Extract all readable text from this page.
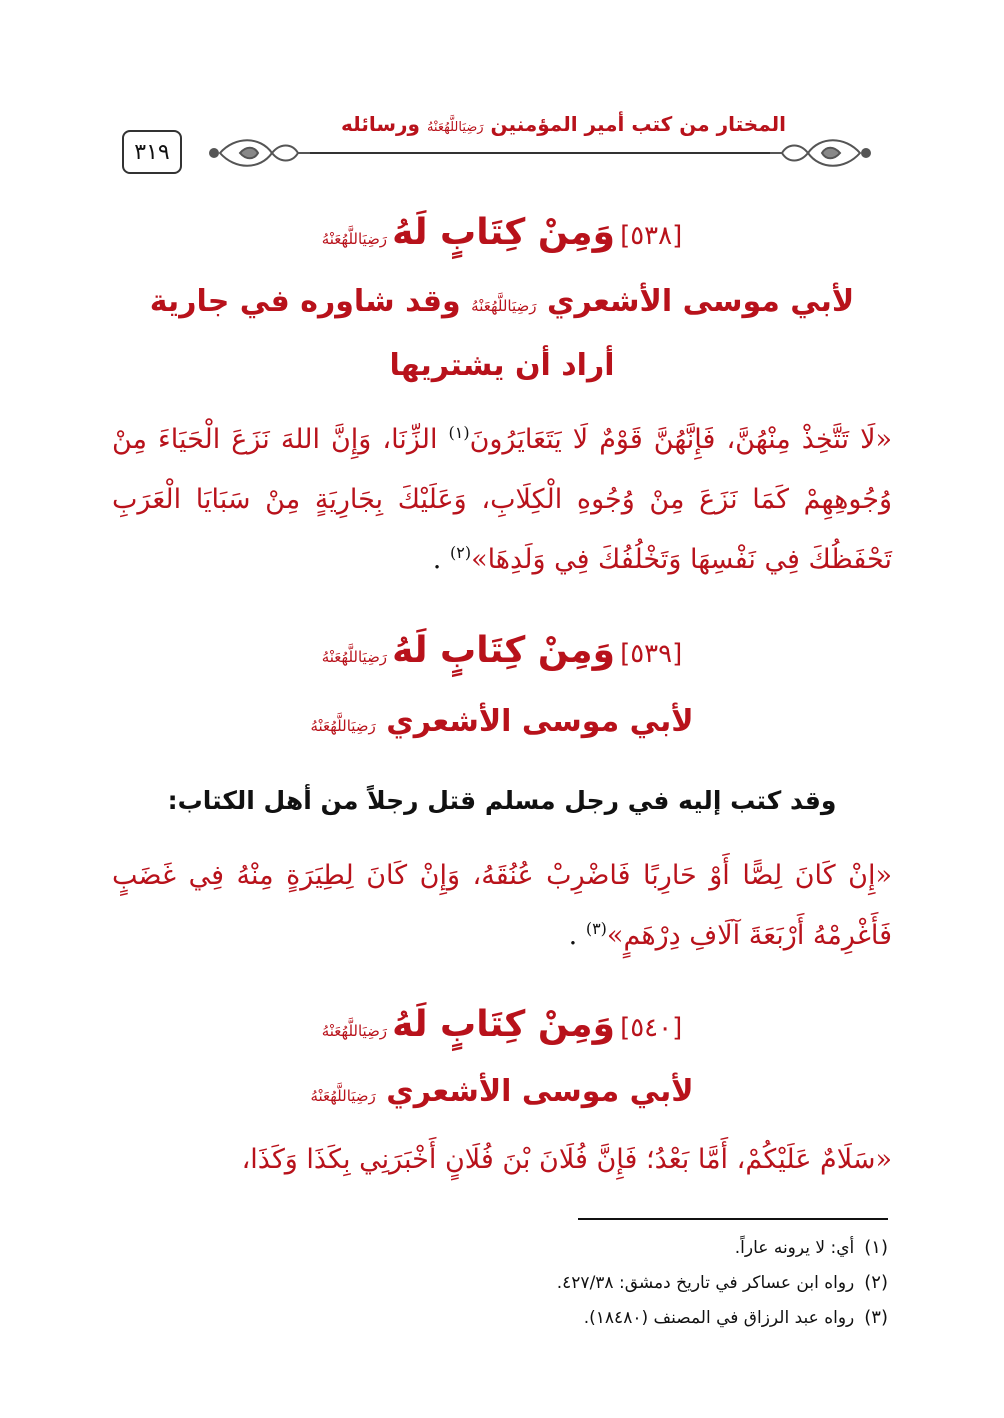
٣١٩
المختار من كتب أمير المؤمنين رَضِيَاللَّهُعَنْهُ ورسائله
[٥٣٨] وَمِنْ كِتَابٍ لَهُ رَضِيَاللَّهُعَنْهُ
لأبي موسى الأشعري رَضِيَاللَّهُعَنْهُ وقد شاوره في جارية
أراد أن يشتريها
«لَا تَتَّخِذْ مِنْهُنَّ، فَإِنَّهُنَّ قَوْمٌ لَا يَتَعَايَرُونَ$^{(١)}$ الزِّنَا، وَإِنَّ اللهَ نَزَعَ الْحَيَاءَ مِنْ وُجُوهِهِمْ كَمَا نَزَعَ مِنْ وُجُوهِ الْكِلَابِ، وَعَلَيْكَ بِجَارِيَةٍ مِنْ سَبَايَا الْعَرَبِ تَحْفَظُكَ فِي نَفْسِهَا وَتَخْلُفُكَ فِي وَلَدِهَا»$^{(٢)}$ .
[٥٣٩] وَمِنْ كِتَابٍ لَهُ رَضِيَاللَّهُعَنْهُ
لأبي موسى الأشعري رَضِيَاللَّهُعَنْهُ
وقد كتب إليه في رجل مسلم قتل رجلاً من أهل الكتاب:
«إِنْ كَانَ لِصًّا أَوْ حَارِبًا فَاضْرِبْ عُنُقَهُ، وَإِنْ كَانَ لِطِيَرَةٍ مِنْهُ فِي غَضَبٍ فَأَغْرِمْهُ أَرْبَعَةَ آلَافِ دِرْهَمٍ»$^{(٣)}$ .
[٥٤٠] وَمِنْ كِتَابٍ لَهُ رَضِيَاللَّهُعَنْهُ
لأبي موسى الأشعري رَضِيَاللَّهُعَنْهُ
«سَلَامٌ عَلَيْكُمْ، أَمَّا بَعْدُ؛ فَإِنَّ فُلَانَ بْنَ فُلَانٍ أَخْبَرَنِي بِكَذَا وَكَذَا،
(١)أي: لا يرونه عاراً.
(٢)رواه ابن عساكر في تاريخ دمشق: ٤٢٧/٣٨.
(٣)رواه عبد الرزاق في المصنف (١٨٤٨٠).
